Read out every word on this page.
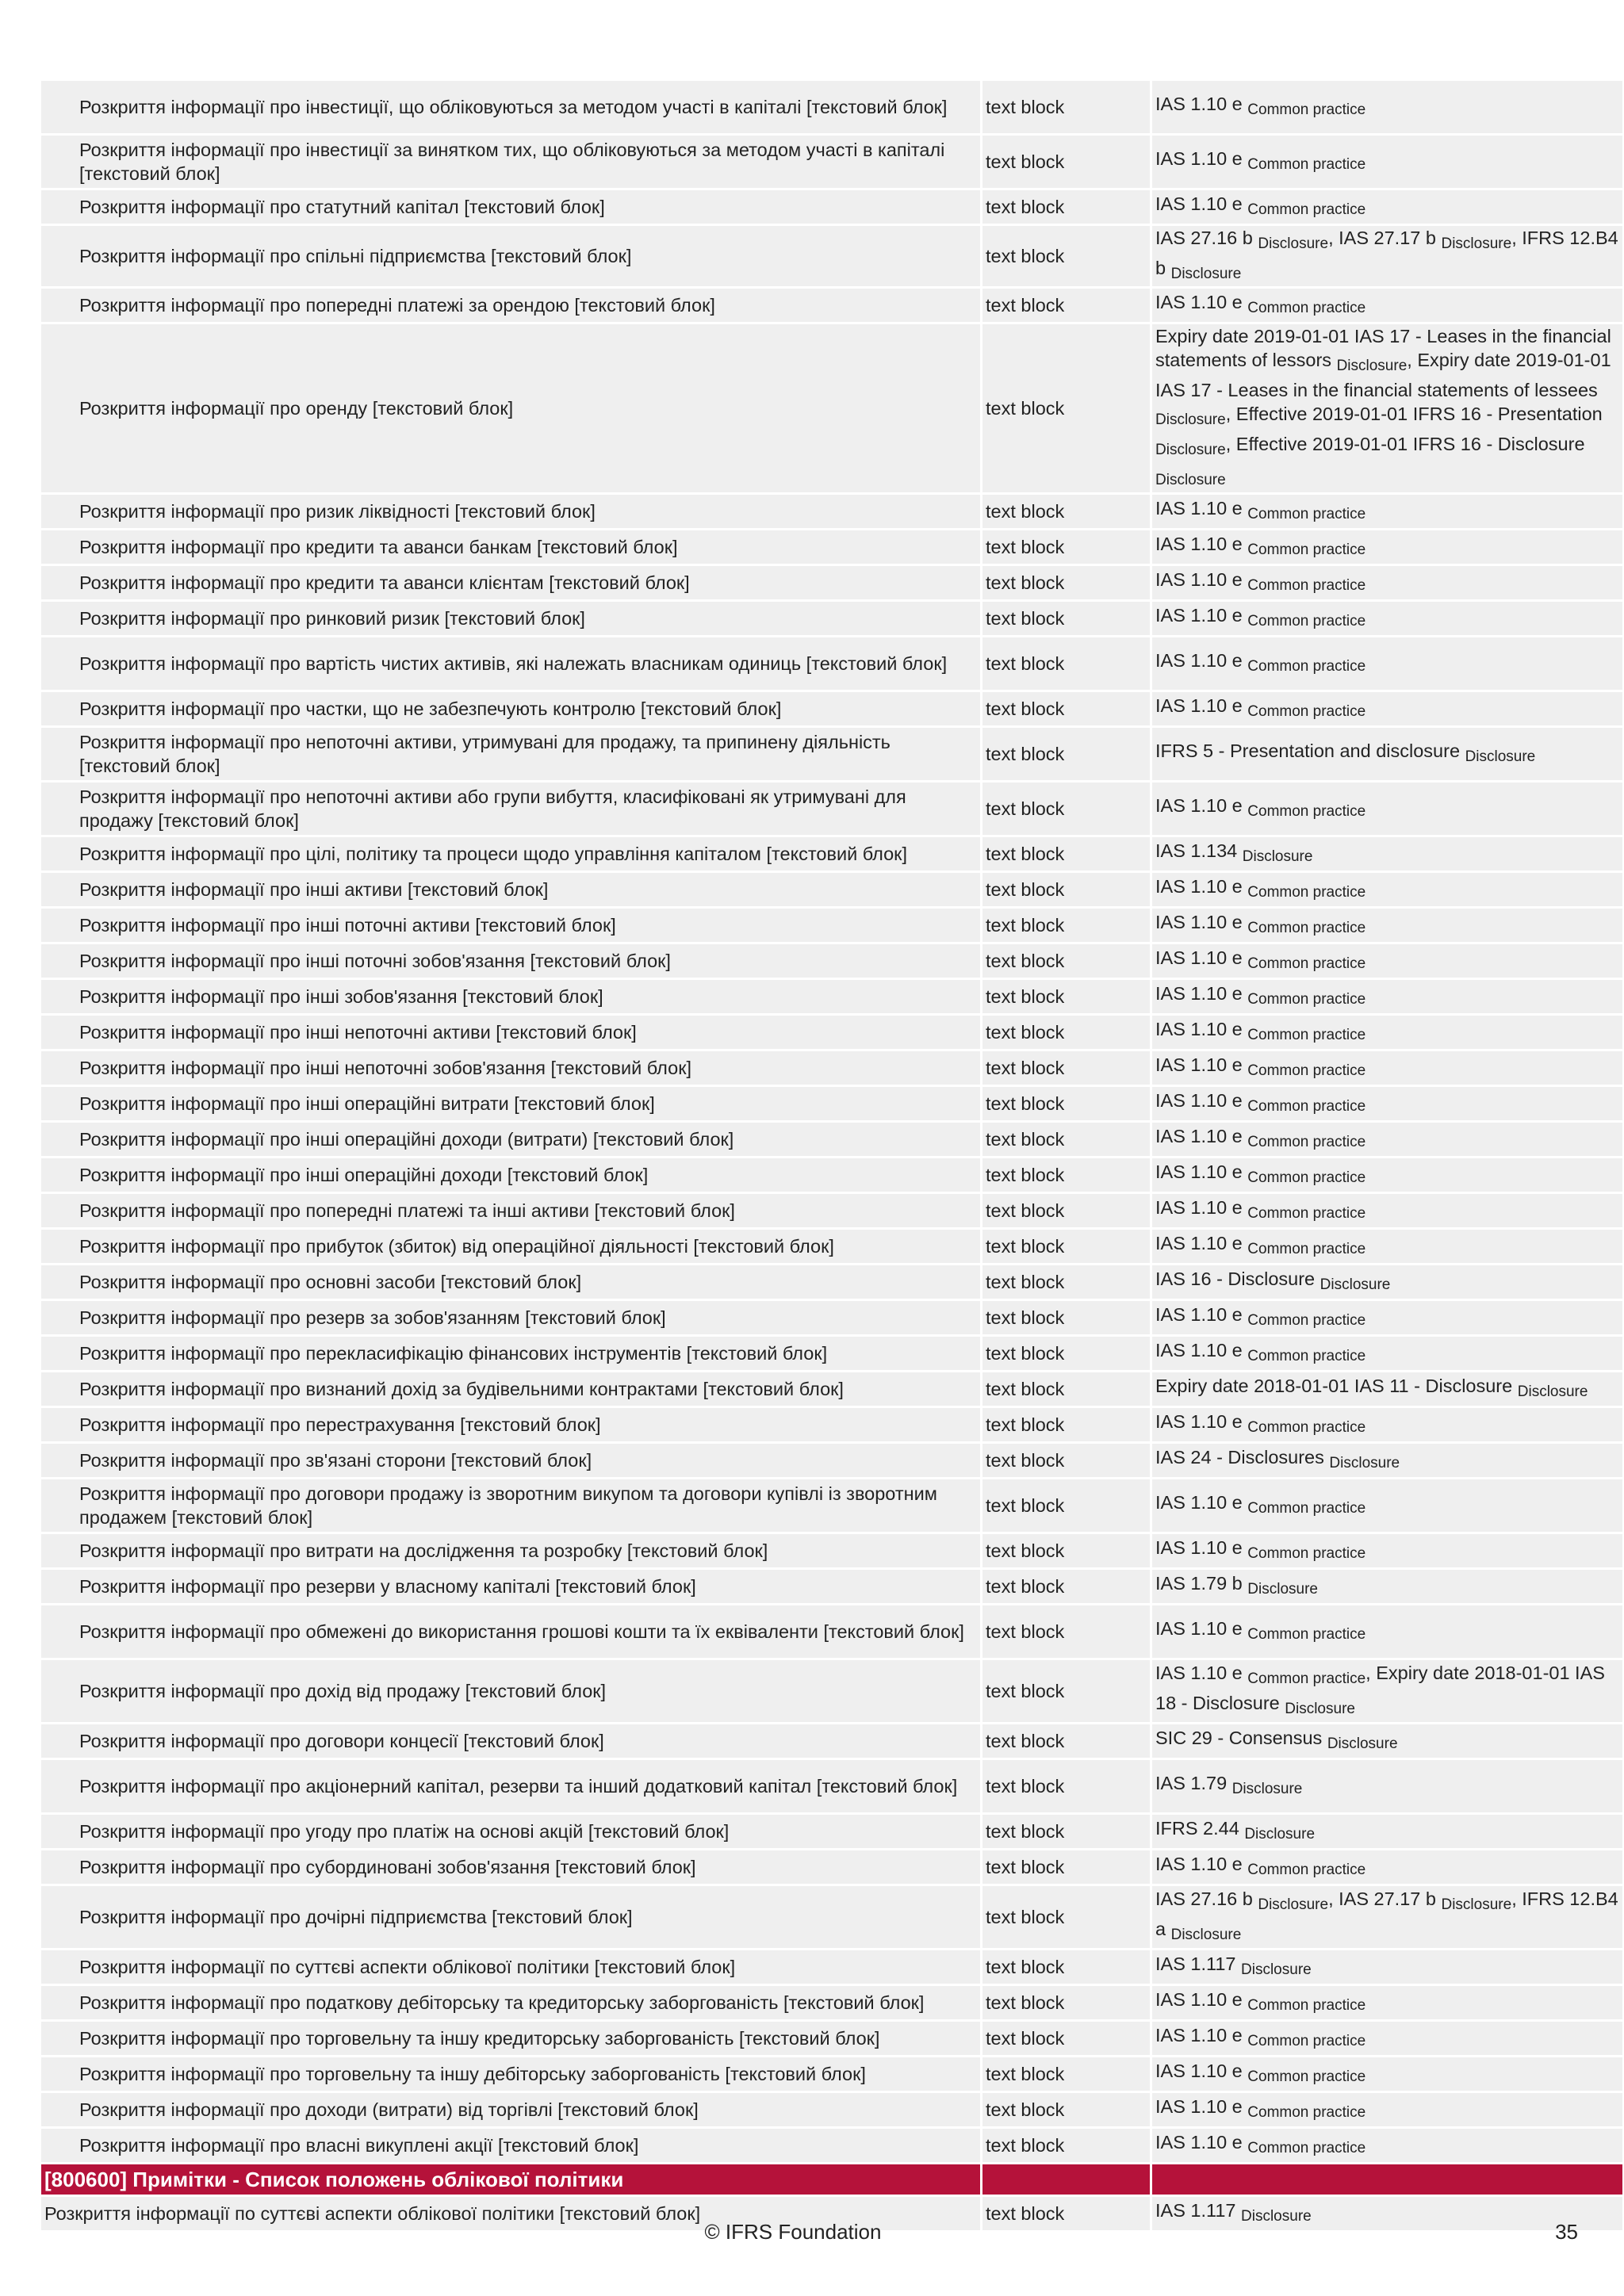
Розкриття інформації про інвестиції, що обліковуються за методом участі в капіталі [текстовий блок]	text block	IAS 1.10 e $_{Common practice}$
Розкриття інформації про інвестиції за винятком тих, що обліковуються за методом участі в капіталі [текстовий блок]	text block	IAS 1.10 e $_{Common practice}$
Розкриття інформації про статутний капітал [текстовий блок]	text block	IAS 1.10 e $_{Common practice}$
Розкриття інформації про спільні підприємства [текстовий блок]	text block	IAS 27.16 b $_{Disclosure}$, IAS 27.17 b $_{Disclosure}$, IFRS 12.B4 b $_{Disclosure}$
Розкриття інформації про попередні платежі за орендою [текстовий блок]	text block	IAS 1.10 e $_{Common practice}$
Розкриття інформації про оренду [текстовий блок]	text block	Expiry date 2019-01-01 IAS 17 - Leases in the financial statements of lessors $_{Disclosure}$, Expiry date 2019-01-01 IAS 17 - Leases in the financial statements of lessees $_{Disclosure}$, Effective 2019-01-01 IFRS 16 - Presentation $_{Disclosure}$, Effective 2019-01-01 IFRS 16 - Disclosure $_{Disclosure}$
Розкриття інформації про ризик ліквідності [текстовий блок]	text block	IAS 1.10 e $_{Common practice}$
Розкриття інформації про кредити та аванси банкам [текстовий блок]	text block	IAS 1.10 e $_{Common practice}$
Розкриття інформації про кредити та аванси клієнтам [текстовий блок]	text block	IAS 1.10 e $_{Common practice}$
Розкриття інформації про ринковий ризик [текстовий блок]	text block	IAS 1.10 e $_{Common practice}$
Розкриття інформації про вартість чистих активів, які належать власникам одиниць [текстовий блок]	text block	IAS 1.10 e $_{Common practice}$
Розкриття інформації про частки, що не забезпечують контролю [текстовий блок]	text block	IAS 1.10 e $_{Common practice}$
Розкриття інформації про непоточні активи, утримувані для продажу, та припинену діяльність [текстовий блок]	text block	IFRS 5 - Presentation and disclosure $_{Disclosure}$
Розкриття інформації про непоточні активи або групи вибуття, класифіковані як утримувані для продажу [текстовий блок]	text block	IAS 1.10 e $_{Common practice}$
Розкриття інформації про цілі, політику та процеси щодо управління капіталом [текстовий блок]	text block	IAS 1.134 $_{Disclosure}$
Розкриття інформації про інші активи [текстовий блок]	text block	IAS 1.10 e $_{Common practice}$
Розкриття інформації про інші поточні активи [текстовий блок]	text block	IAS 1.10 e $_{Common practice}$
Розкриття інформації про інші поточні зобов'язання [текстовий блок]	text block	IAS 1.10 e $_{Common practice}$
Розкриття інформації про інші зобов'язання [текстовий блок]	text block	IAS 1.10 e $_{Common practice}$
Розкриття інформації про інші непоточні активи [текстовий блок]	text block	IAS 1.10 e $_{Common practice}$
Розкриття інформації про інші непоточні зобов'язання [текстовий блок]	text block	IAS 1.10 e $_{Common practice}$
Розкриття інформації про інші операційні витрати [текстовий блок]	text block	IAS 1.10 e $_{Common practice}$
Розкриття інформації про інші операційні доходи (витрати) [текстовий блок]	text block	IAS 1.10 e $_{Common practice}$
Розкриття інформації про інші операційні доходи [текстовий блок]	text block	IAS 1.10 e $_{Common practice}$
Розкриття інформації про попередні платежі та інші активи [текстовий блок]	text block	IAS 1.10 e $_{Common practice}$
Розкриття інформації про прибуток (збиток) від операційної діяльності [текстовий блок]	text block	IAS 1.10 e $_{Common practice}$
Розкриття інформації про основні засоби [текстовий блок]	text block	IAS 16 - Disclosure $_{Disclosure}$
Розкриття інформації про резерв за зобов'язанням [текстовий блок]	text block	IAS 1.10 e $_{Common practice}$
Розкриття інформації про перекласифікацію фінансових інструментів [текстовий блок]	text block	IAS 1.10 e $_{Common practice}$
Розкриття інформації про визнаний дохід за будівельними контрактами [текстовий блок]	text block	Expiry date 2018-01-01 IAS 11 - Disclosure $_{Disclosure}$
Розкриття інформації про перестрахування [текстовий блок]	text block	IAS 1.10 e $_{Common practice}$
Розкриття інформації про зв'язані сторони [текстовий блок]	text block	IAS 24 - Disclosures $_{Disclosure}$
Розкриття інформації про договори продажу із зворотним викупом та договори купівлі із зворотним продажем [текстовий блок]	text block	IAS 1.10 e $_{Common practice}$
Розкриття інформації про витрати на дослідження та розробку [текстовий блок]	text block	IAS 1.10 e $_{Common practice}$
Розкриття інформації про резерви у власному капіталі [текстовий блок]	text block	IAS 1.79 b $_{Disclosure}$
Розкриття інформації про обмежені до використання грошові кошти та їх еквіваленти [текстовий блок]	text block	IAS 1.10 e $_{Common practice}$
Розкриття інформації про дохід від продажу [текстовий блок]	text block	IAS 1.10 e $_{Common practice}$, Expiry date 2018-01-01 IAS 18 - Disclosure $_{Disclosure}$
Розкриття інформації про договори концесії [текстовий блок]	text block	SIC 29 - Consensus $_{Disclosure}$
Розкриття інформації про акціонерний капітал, резерви та інший додатковий капітал [текстовий блок]	text block	IAS 1.79 $_{Disclosure}$
Розкриття інформації про угоду про платіж на основі акцій [текстовий блок]	text block	IFRS 2.44 $_{Disclosure}$
Розкриття інформації про субординовані зобов'язання [текстовий блок]	text block	IAS 1.10 e $_{Common practice}$
Розкриття інформації про дочірні підприємства [текстовий блок]	text block	IAS 27.16 b $_{Disclosure}$, IAS 27.17 b $_{Disclosure}$, IFRS 12.B4 a $_{Disclosure}$
Розкриття інформації по суттєві аспекти облікової політики [текстовий блок]	text block	IAS 1.117 $_{Disclosure}$
Розкриття інформації про податкову дебіторську та кредиторську заборгованість [текстовий блок]	text block	IAS 1.10 e $_{Common practice}$
Розкриття інформації про торговельну та іншу кредиторську заборгованість [текстовий блок]	text block	IAS 1.10 e $_{Common practice}$
Розкриття інформації про торговельну та іншу дебіторську заборгованість [текстовий блок]	text block	IAS 1.10 e $_{Common practice}$
Розкриття інформації про доходи (витрати) від торгівлі [текстовий блок]	text block	IAS 1.10 e $_{Common practice}$
Розкриття інформації про власні викуплені акції [текстовий блок]	text block	IAS 1.10 e $_{Common practice}$
[800600] Примітки - Список положень облікової політики		
Розкриття інформації по суттєві аспекти облікової політики [текстовий блок]	text block	IAS 1.117 $_{Disclosure}$
© IFRS Foundation	35
